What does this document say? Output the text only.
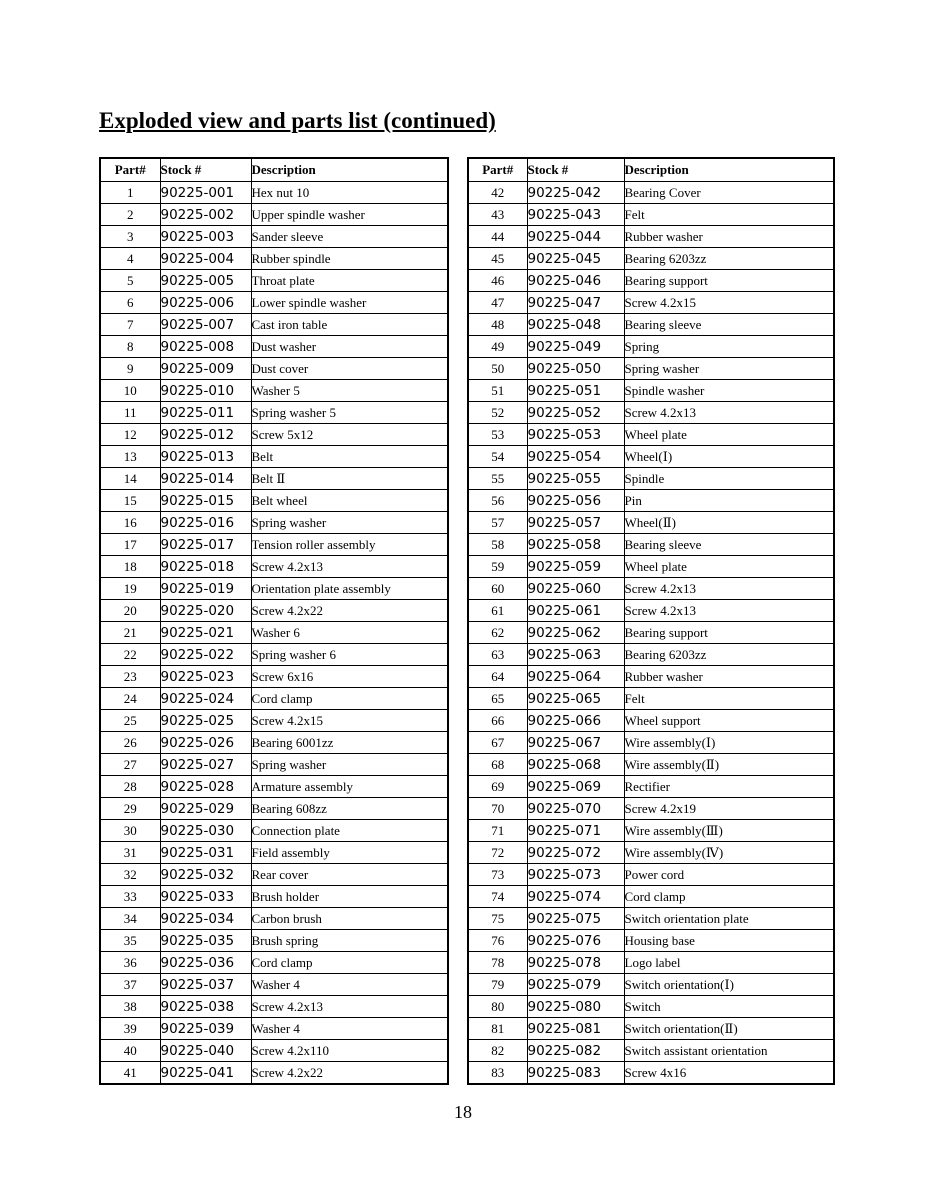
Exploded view and parts list (continued)
Part#	Stock #	Description
1	90225-001	Hex nut 10
2	90225-002	Upper spindle washer
3	90225-003	Sander sleeve
4	90225-004	Rubber spindle
5	90225-005	Throat plate
6	90225-006	Lower spindle washer
7	90225-007	Cast iron table
8	90225-008	Dust washer
9	90225-009	Dust cover
10	90225-010	Washer 5
11	90225-011	Spring washer 5
12	90225-012	Screw 5x12
13	90225-013	Belt
14	90225-014	Belt Ⅱ
15	90225-015	Belt wheel
16	90225-016	Spring washer
17	90225-017	Tension roller assembly
18	90225-018	Screw 4.2x13
19	90225-019	Orientation plate assembly
20	90225-020	Screw 4.2x22
21	90225-021	Washer 6
22	90225-022	Spring washer 6
23	90225-023	Screw 6x16
24	90225-024	Cord clamp
25	90225-025	Screw 4.2x15
26	90225-026	Bearing 6001zz
27	90225-027	Spring washer
28	90225-028	Armature assembly
29	90225-029	Bearing 608zz
30	90225-030	Connection plate
31	90225-031	Field assembly
32	90225-032	Rear cover
33	90225-033	Brush holder
34	90225-034	Carbon brush
35	90225-035	Brush spring
36	90225-036	Cord clamp
37	90225-037	Washer 4
38	90225-038	Screw 4.2x13
39	90225-039	Washer 4
40	90225-040	Screw 4.2x110
41	90225-041	Screw 4.2x22
Part#	Stock #	Description
42	90225-042	Bearing Cover
43	90225-043	Felt
44	90225-044	Rubber washer
45	90225-045	Bearing 6203zz
46	90225-046	Bearing support
47	90225-047	Screw 4.2x15
48	90225-048	Bearing sleeve
49	90225-049	Spring
50	90225-050	Spring washer
51	90225-051	Spindle washer
52	90225-052	Screw 4.2x13
53	90225-053	Wheel plate
54	90225-054	Wheel(Ⅰ)
55	90225-055	Spindle
56	90225-056	Pin
57	90225-057	Wheel(Ⅱ)
58	90225-058	Bearing sleeve
59	90225-059	Wheel plate
60	90225-060	Screw 4.2x13
61	90225-061	Screw 4.2x13
62	90225-062	Bearing support
63	90225-063	Bearing 6203zz
64	90225-064	Rubber washer
65	90225-065	Felt
66	90225-066	Wheel support
67	90225-067	Wire assembly(Ⅰ)
68	90225-068	Wire assembly(Ⅱ)
69	90225-069	Rectifier
70	90225-070	Screw 4.2x19
71	90225-071	Wire assembly(Ⅲ)
72	90225-072	Wire assembly(Ⅳ)
73	90225-073	Power cord
74	90225-074	Cord clamp
75	90225-075	Switch orientation plate
76	90225-076	Housing base
78	90225-078	Logo label
79	90225-079	Switch orientation(Ⅰ)
80	90225-080	Switch
81	90225-081	Switch orientation(Ⅱ)
82	90225-082	Switch assistant orientation
83	90225-083	Screw 4x16
18
